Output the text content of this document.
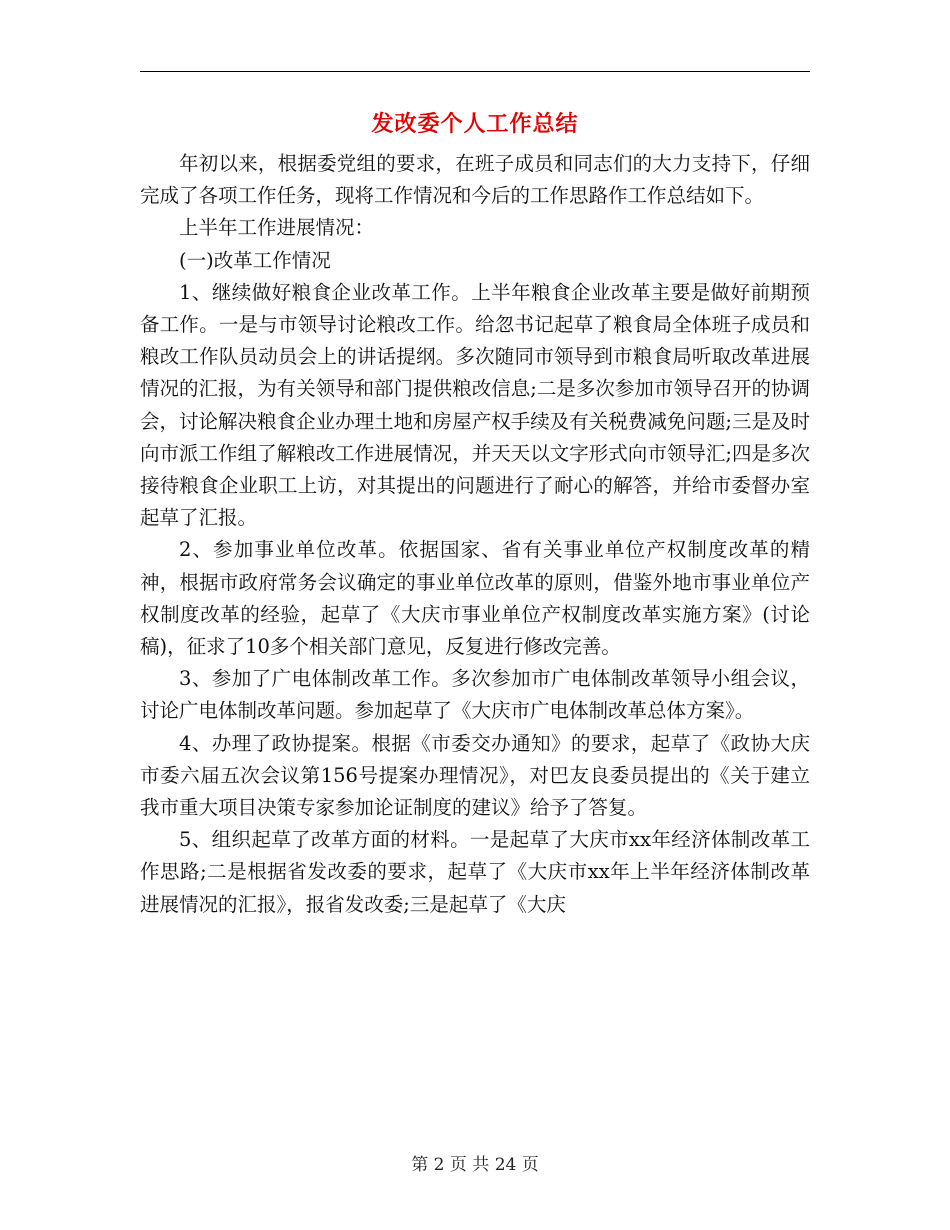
发改委个人工作总结

年初以来，根据委党组的要求，在班子成员和同志们的大力支持下，仔细完成了各项工作任务，现将工作情况和今后的工作思路作工作总结如下。

上半年工作进展情况：

(一)改革工作情况

1、继续做好粮食企业改革工作。上半年粮食企业改革主要是做好前期预备工作。一是与市领导讨论粮改工作。给忽书记起草了粮食局全体班子成员和粮改工作队员动员会上的讲话提纲。多次随同市领导到市粮食局听取改革进展情况的汇报，为有关领导和部门提供粮改信息;二是多次参加市领导召开的协调会，讨论解决粮食企业办理土地和房屋产权手续及有关税费减免问题;三是及时向市派工作组了解粮改工作进展情况，并天天以文字形式向市领导汇;四是多次接待粮食企业职工上访，对其提出的问题进行了耐心的解答，并给市委督办室起草了汇报。

2、参加事业单位改革。依据国家、省有关事业单位产权制度改革的精神，根据市政府常务会议确定的事业单位改革的原则，借鉴外地市事业单位产权制度改革的经验，起草了《大庆市事业单位产权制度改革实施方案》(讨论稿)，征求了10多个相关部门意见，反复进行修改完善。

3、参加了广电体制改革工作。多次参加市广电体制改革领导小组会议，讨论广电体制改革问题。参加起草了《大庆市广电体制改革总体方案》。

4、办理了政协提案。根据《市委交办通知》的要求，起草了《政协大庆市委六届五次会议第156号提案办理情况》，对巴友良委员提出的《关于建立我市重大项目决策专家参加论证制度的建议》给予了答复。

5、组织起草了改革方面的材料。一是起草了大庆市xx年经济体制改革工作思路;二是根据省发改委的要求，起草了《大庆市xx年上半年经济体制改革进展情况的汇报》，报省发改委;三是起草了《大庆

第 2 页 共 24 页
